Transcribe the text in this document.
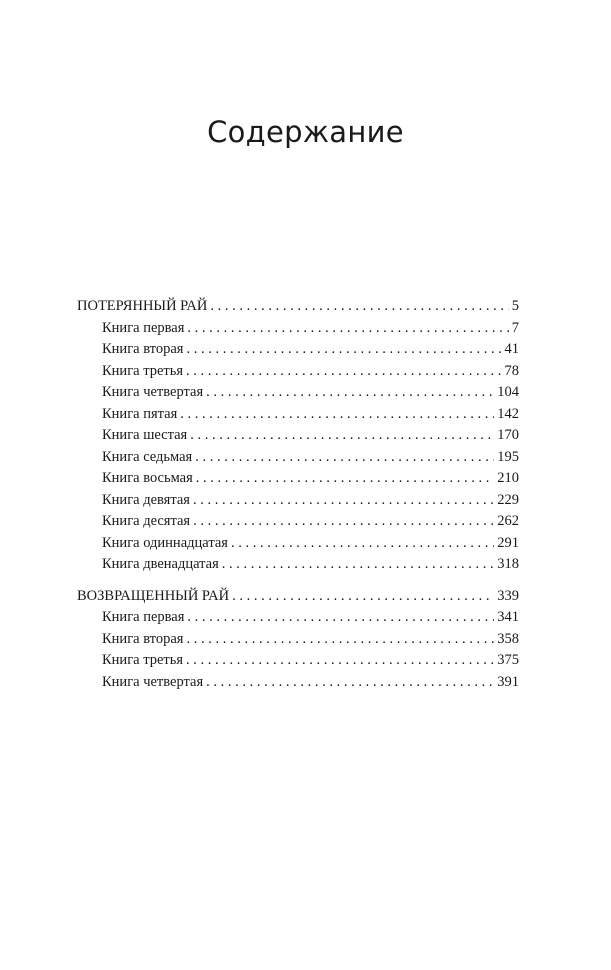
Содержание
ПОТЕРЯННЫЙ РАЙ . . .	5
Книга первая . . .	7
Книга вторая . . .	41
Книга третья . . .	78
Книга четвертая . . .	104
Книга пятая . . .	142
Книга шестая . . .	170
Книга седьмая . . .	195
Книга восьмая . . .	210
Книга девятая . . .	229
Книга десятая . . .	262
Книга одиннадцатая . . .	291
Книга двенадцатая . . .	318
ВОЗВРАЩЕННЫЙ РАЙ . . .	339
Книга первая . . .	341
Книга вторая . . .	358
Книга третья . . .	375
Книга четвертая . . .	391
